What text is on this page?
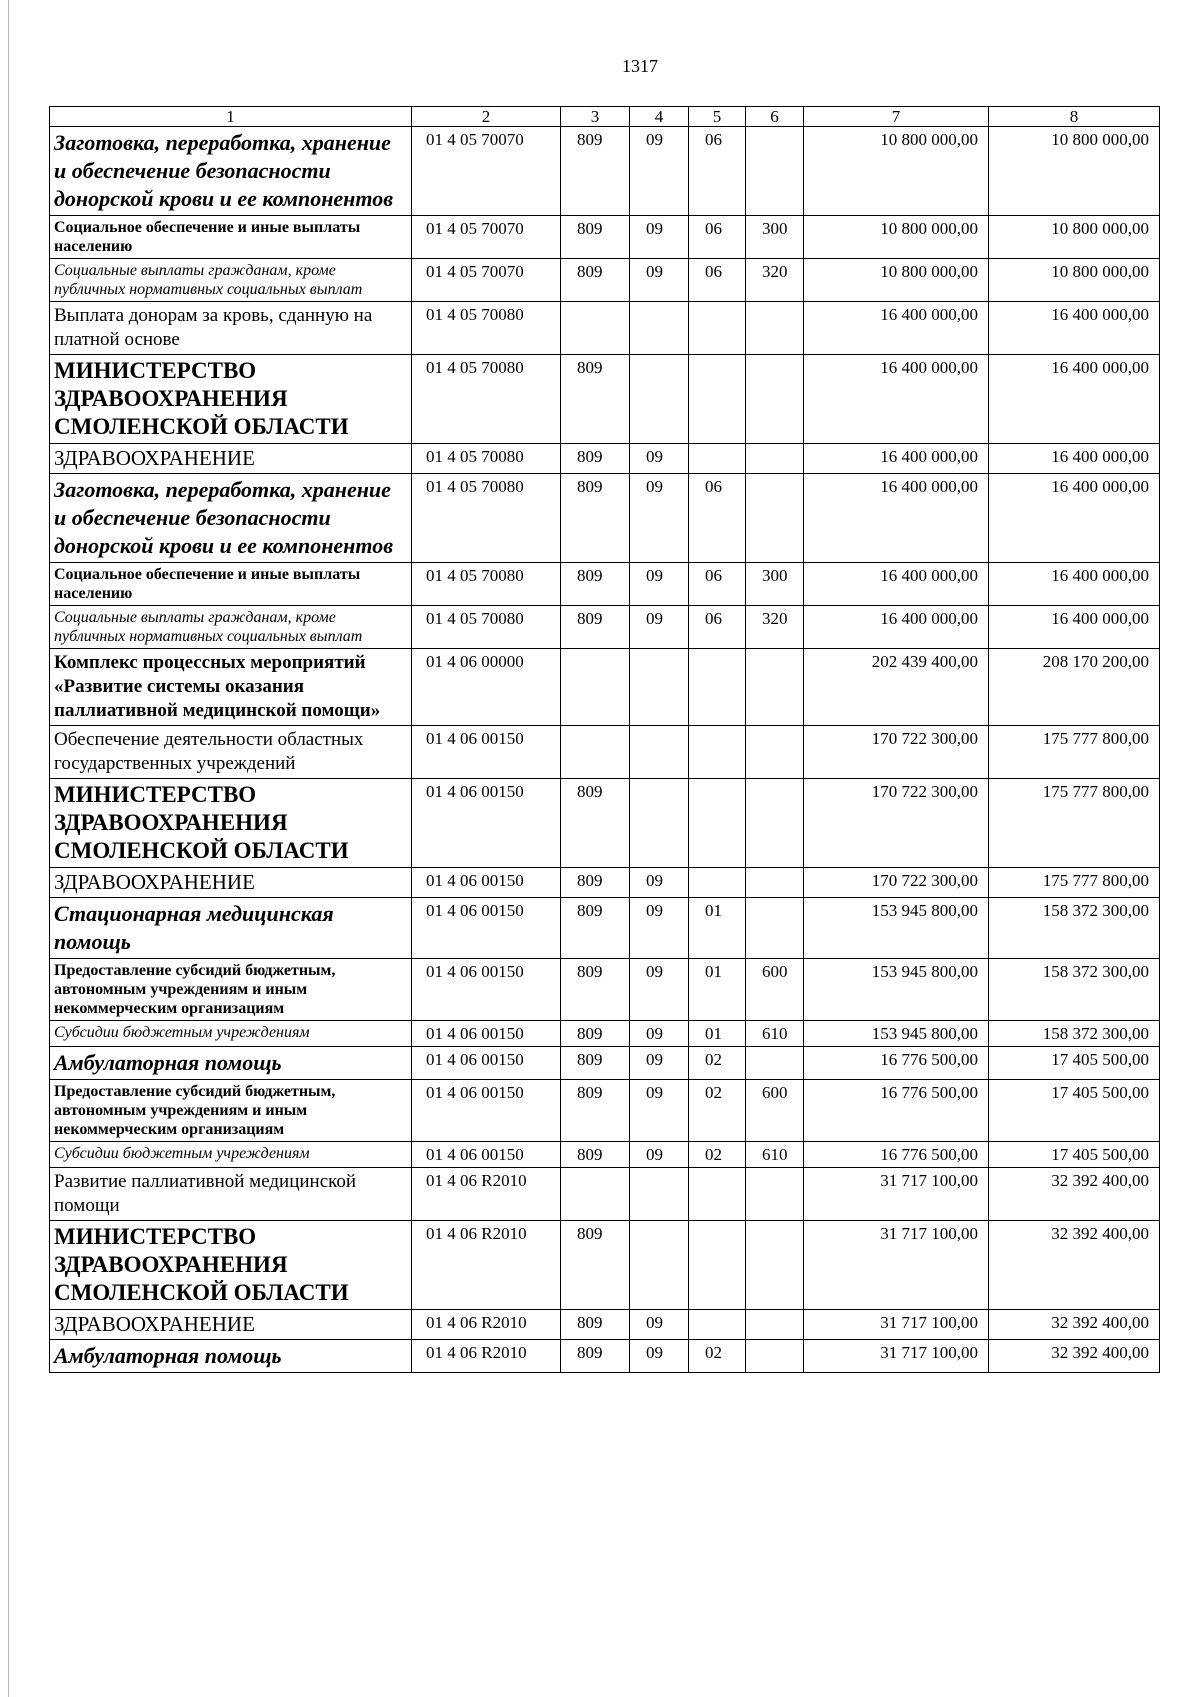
1317
1	2	3	4	5	6	7	8
Заготовка, переработка, хранение и обеспечение безопасности донорской крови и ее компонентов	01 4 05 70070	809	09	06		10 800 000,00	10 800 000,00
Социальное обеспечение и иные выплаты населению	01 4 05 70070	809	09	06	300	10 800 000,00	10 800 000,00
Социальные выплаты гражданам, кроме публичных нормативных социальных выплат	01 4 05 70070	809	09	06	320	10 800 000,00	10 800 000,00
Выплата донорам за кровь, сданную на платной основе	01 4 05 70080					16 400 000,00	16 400 000,00
МИНИСТЕРСТВО ЗДРАВООХРАНЕНИЯ СМОЛЕНСКОЙ ОБЛАСТИ	01 4 05 70080	809				16 400 000,00	16 400 000,00
ЗДРАВООХРАНЕНИЕ	01 4 05 70080	809	09			16 400 000,00	16 400 000,00
Заготовка, переработка, хранение и обеспечение безопасности донорской крови и ее компонентов	01 4 05 70080	809	09	06		16 400 000,00	16 400 000,00
Социальное обеспечение и иные выплаты населению	01 4 05 70080	809	09	06	300	16 400 000,00	16 400 000,00
Социальные выплаты гражданам, кроме публичных нормативных социальных выплат	01 4 05 70080	809	09	06	320	16 400 000,00	16 400 000,00
Комплекс процессных мероприятий «Развитие системы оказания паллиативной медицинской помощи»	01 4 06 00000					202 439 400,00	208 170 200,00
Обеспечение деятельности областных государственных учреждений	01 4 06 00150					170 722 300,00	175 777 800,00
МИНИСТЕРСТВО ЗДРАВООХРАНЕНИЯ СМОЛЕНСКОЙ ОБЛАСТИ	01 4 06 00150	809				170 722 300,00	175 777 800,00
ЗДРАВООХРАНЕНИЕ	01 4 06 00150	809	09			170 722 300,00	175 777 800,00
Стационарная медицинская помощь	01 4 06 00150	809	09	01		153 945 800,00	158 372 300,00
Предоставление субсидий бюджетным, автономным учреждениям и иным некоммерческим организациям	01 4 06 00150	809	09	01	600	153 945 800,00	158 372 300,00
Субсидии бюджетным учреждениям	01 4 06 00150	809	09	01	610	153 945 800,00	158 372 300,00
Амбулаторная помощь	01 4 06 00150	809	09	02		16 776 500,00	17 405 500,00
Предоставление субсидий бюджетным, автономным учреждениям и иным некоммерческим организациям	01 4 06 00150	809	09	02	600	16 776 500,00	17 405 500,00
Субсидии бюджетным учреждениям	01 4 06 00150	809	09	02	610	16 776 500,00	17 405 500,00
Развитие паллиативной медицинской помощи	01 4 06 R2010					31 717 100,00	32 392 400,00
МИНИСТЕРСТВО ЗДРАВООХРАНЕНИЯ СМОЛЕНСКОЙ ОБЛАСТИ	01 4 06 R2010	809				31 717 100,00	32 392 400,00
ЗДРАВООХРАНЕНИЕ	01 4 06 R2010	809	09			31 717 100,00	32 392 400,00
Амбулаторная помощь	01 4 06 R2010	809	09	02		31 717 100,00	32 392 400,00
